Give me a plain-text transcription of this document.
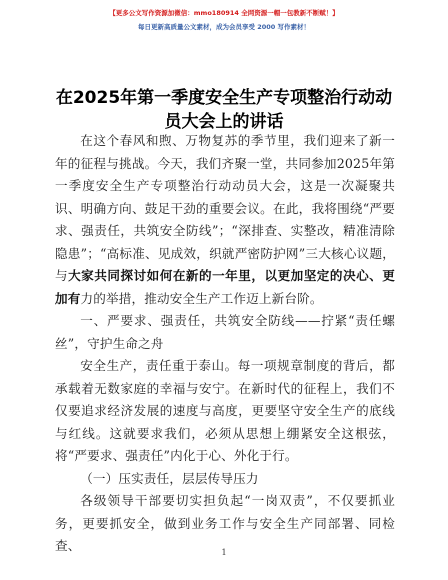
【更多公文写作资源加微信：mmo180914 全网资源一帽一包教新不断赋！】
每日更新高质量公文素材，成为会员享受 2000 写作素材！
在2025年第一季度安全生产专项整治行动动员大会上的讲话

在这个春风和煦、万物复苏的季节里，我们迎来了新一年的征程与挑战。今天，我们齐聚一堂，共同参加2025年第一季度安全生产专项整治行动动员大会，这是一次凝聚共识、明确方向、鼓足干劲的重要会议。在此，我将围绕“严要求、强责任，共筑安全防线”；“深排查、实整改，精准清除隐患”；“高标准、见成效，织就严密防护网”三大核心议题，与大家共同探讨如何在新的一年里，以更加坚定的决心、更加有力的举措，推动安全生产工作迈上新台阶。

一、严要求、强责任，共筑安全防线——拧紧“责任螺丝”，守护生命之舟

安全生产，责任重于泰山。每一项规章制度的背后，都承载着无数家庭的幸福与安宁。在新时代的征程上，我们不仅要追求经济发展的速度与高度，更要坚守安全生产的底线与红线。这就要求我们，必须从思想上绷紧安全这根弦，将“严要求、强责任”内化于心、外化于行。

（一）压实责任，层层传导压力

各级领导干部要切实担负起“一岗双责”，不仅要抓业务，更要抓安全，做到业务工作与安全生产同部署、同检查、	1
